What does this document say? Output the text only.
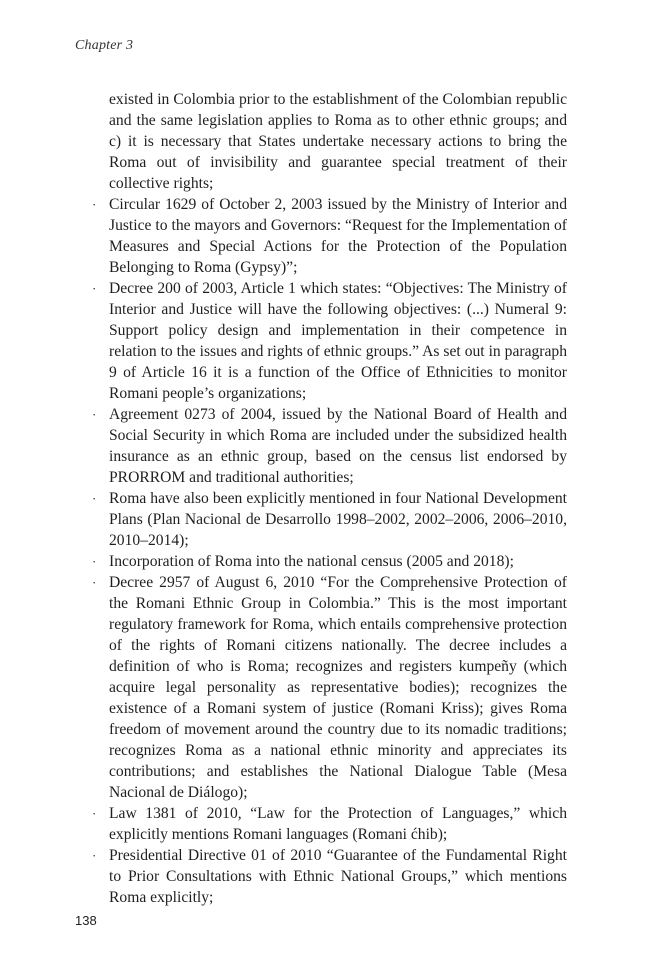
Chapter 3

existed in Colombia prior to the establishment of the Colombian republic and the same legislation applies to Roma as to other ethnic groups; and c) it is necessary that States undertake necessary actions to bring the Roma out of invisibility and guarantee special treatment of their collective rights;

· Circular 1629 of October 2, 2003 issued by the Ministry of Interior and Justice to the mayors and Governors: “Request for the Implementation of Measures and Special Actions for the Protection of the Population Belonging to Roma (Gypsy)”;
· Decree 200 of 2003, Article 1 which states: “Objectives: The Ministry of Interior and Justice will have the following objectives: (...) Numeral 9: Support policy design and implementation in their competence in relation to the issues and rights of ethnic groups.” As set out in paragraph 9 of Article 16 it is a function of the Office of Ethnicities to monitor Romani people’s organizations;
· Agreement 0273 of 2004, issued by the National Board of Health and Social Security in which Roma are included under the subsidized health insurance as an ethnic group, based on the census list endorsed by PRORROM and traditional authorities;
· Roma have also been explicitly mentioned in four National Development Plans (Plan Nacional de Desarrollo 1998–2002, 2002–2006, 2006–2010, 2010–2014);
· Incorporation of Roma into the national census (2005 and 2018);
· Decree 2957 of August 6, 2010 “For the Comprehensive Protection of the Romani Ethnic Group in Colombia.” This is the most important regulatory framework for Roma, which entails comprehensive protection of the rights of Romani citizens nationally. The decree includes a definition of who is Roma; recognizes and registers kumpeñy (which acquire legal personality as representative bodies); recognizes the existence of a Romani system of justice (Romani Kriss); gives Roma freedom of movement around the country due to its nomadic traditions; recognizes Roma as a national ethnic minority and appreciates its contributions; and establishes the National Dialogue Table (Mesa Nacional de Diálogo);
· Law 1381 of 2010, “Law for the Protection of Languages,” which explicitly mentions Romani languages (Romani ćhib);
· Presidential Directive 01 of 2010 “Guarantee of the Fundamental Right to Prior Consultations with Ethnic National Groups,” which mentions Roma explicitly;
138
